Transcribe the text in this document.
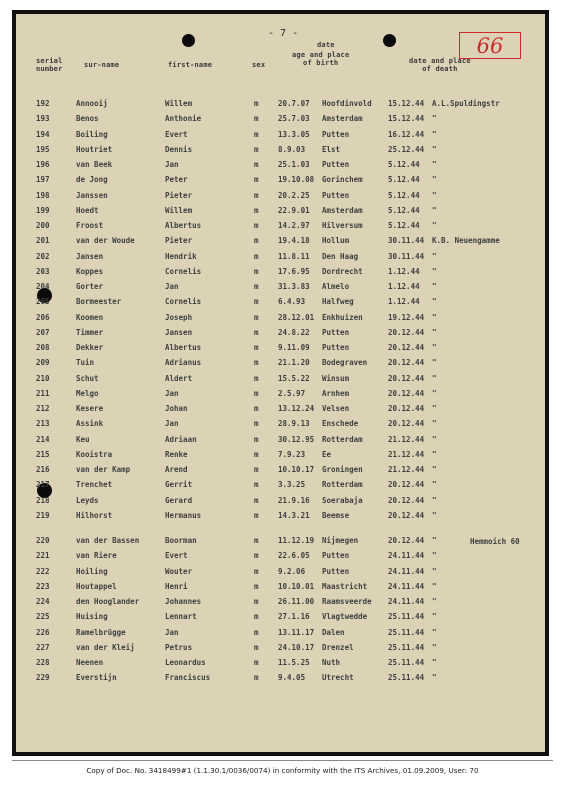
- 7 -
66
serial
number	sur-name	first-name	sex
date
age and place
of birth	date and place
of death
192	Annooij	Willem	m	20.7.07 Hoofdinvold 15.12.44 A.L.Spuldingstr
193	Benos	Anthonie	m	25.7.03 Amsterdam	15.12.44 "
194	Boiling	Evert	m	13.3.05 Putten	16.12.44 "
195	Houtriet	Dennis	m	8.9.03 Elst	25.12.44 "
196	van Beek	Jan	m	25.1.03 Putten	5.12.44 "
197	de Jong	Peter	m	19.10.08 Gorinchem	5.12.44 "
198	Janssen	Pieter	m	20.2.25 Putten	5.12.44 "
199	Hoedt	Willem	m	22.9.01 Amsterdam	5.12.44 "
200	Froost	Albertus	m	14.2.97 Hilversum	5.12.44 "
201	van der Woude	Pieter	m	19.4.18 Hollum	30.11.44 K.B. Neuengamme
202	Jansen	Hendrik	m	11.8.11 Den Haag	30.11.44 "
203	Koppes	Cornelis	m	17.6.95 Dordrecht	1.12.44 "
204	Gorter	Jan	m	31.3.83 Almelo	1.12.44 "
205	Bormeester	Cornelis	m	6.4.93 Halfweg	1.12.44 "
206	Koomen	Joseph	m	28.12.01 Enkhuizen	19.12.44 "
207	Timmer	Jansen	m	24.8.22 Putten	20.12.44 "
208	Dekker	Albertus	m	9.11.09 Putten	20.12.44 "
209	Tuin	Adrianus	m	21.1.20 Bodegraven	20.12.44 "
210	Schut	Aldert	m	15.5.22 Winsum	20.12.44 "
211	Melgo	Jan	m	2.5.97 Arnhem	20.12.44 "
212	Kesere	Johan	m	13.12.24 Velsen	20.12.44 "
213	Assink	Jan	m	28.9.13 Enschede	20.12.44 "
214	Keu	Adriaan	m	30.12.95 Rotterdam	21.12.44 "
215	Kooistra	Renke	m	7.9.23 Ee	21.12.44 "
216	van der Kamp	Arend	m	10.10.17 Groningen	21.12.44 "
217	Trenchet	Gerrit	m	3.3.25 Rotterdam	20.12.44 "
218	Leyds	Gerard	m	21.9.16 Soerabaja	20.12.44 "
219	Hilhorst	Hermanus	m	14.3.21 Beemse	20.12.44 "
220	van der Bassen	Boorman	m	11.12.19 Nijmegen	20.12.44 "
221	van Riere	Evert	m	22.6.05 Putten	24.11.44 "
222	Hoiling	Wouter	m	9.2.06 Putten	24.11.44 "
223	Houtappel	Henri	m	10.10.01 Maastricht	24.11.44 "
224	den Hooglander	Johannes	m	26.11.00 Raamsveerde 24.11.44 "
225	Huising	Lennart	m	27.1.16 Vlagtwedde	25.11.44 "
226	Ramelbrügge	Jan	m	13.11.17 Dalen	25.11.44 "
227	van der Kleij	Petrus	m	24.10.17 Drenzel	25.11.44 "
228	Neenen	Leonardus	m	11.5.25 Nuth	25.11.44 "
229	Everstijn	Franciscus	m	9.4.05 Utrecht	25.11.44 "
Hemmoich 60
Copy of Doc. No. 3418499#1 (1.1.30.1/0036/0074) in conformity with the ITS Archives, 01.09.2009, User: 70
